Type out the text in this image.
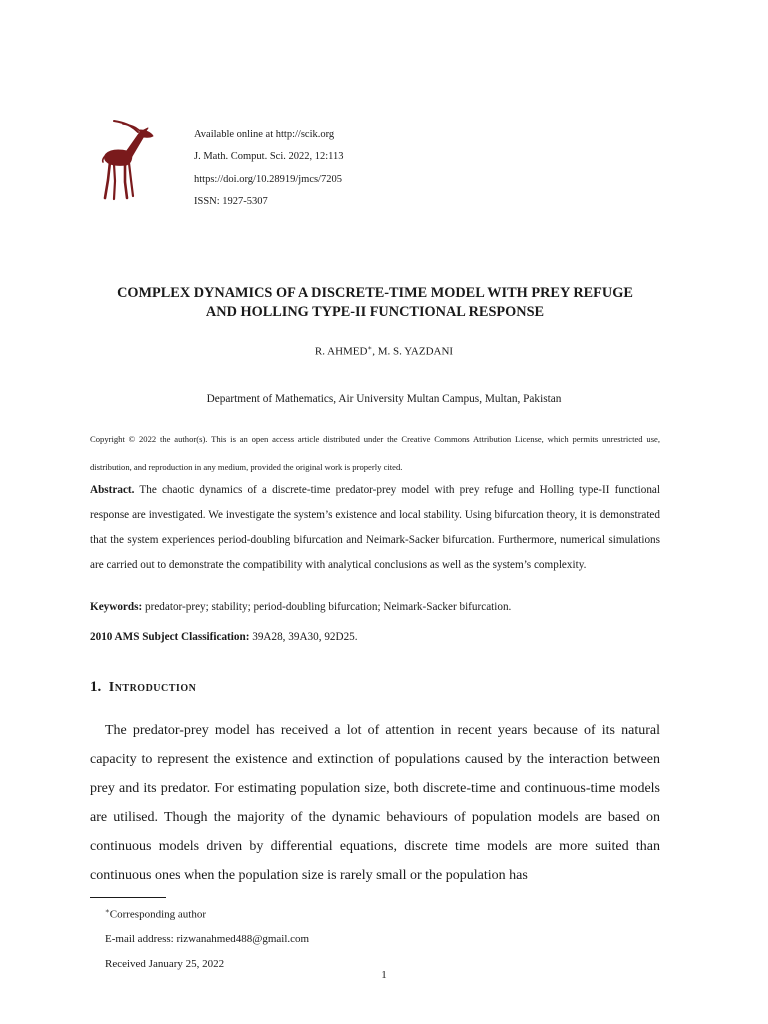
Available online at http://scik.org
J. Math. Comput. Sci. 2022, 12:113
https://doi.org/10.28919/jmcs/7205
ISSN: 1927-5307
COMPLEX DYNAMICS OF A DISCRETE-TIME MODEL WITH PREY REFUGE
AND HOLLING TYPE-II FUNCTIONAL RESPONSE
R. AHMED∗, M. S. YAZDANI
Department of Mathematics, Air University Multan Campus, Multan, Pakistan
Copyright © 2022 the author(s). This is an open access article distributed under the Creative Commons Attribution License, which permits unrestricted use, distribution, and reproduction in any medium, provided the original work is properly cited.
Abstract. The chaotic dynamics of a discrete-time predator-prey model with prey refuge and Holling type-II functional response are investigated. We investigate the system’s existence and local stability. Using bifurcation theory, it is demonstrated that the system experiences period-doubling bifurcation and Neimark-Sacker bifurcation. Furthermore, numerical simulations are carried out to demonstrate the compatibility with analytical conclusions as well as the system’s complexity.
Keywords: predator-prey; stability; period-doubling bifurcation; Neimark-Sacker bifurcation.
2010 AMS Subject Classification: 39A28, 39A30, 92D25.
1. Introduction

The predator-prey model has received a lot of attention in recent years because of its natural capacity to represent the existence and extinction of populations caused by the interaction between prey and its predator. For estimating population size, both discrete-time and continuous-time models are utilised. Though the majority of the dynamic behaviours of population models are based on continuous models driven by differential equations, discrete time models are more suited than continuous ones when the population size is rarely small or the population has

∗Corresponding author
E-mail address: rizwanahmed488@gmail.com
Received January 25, 2022
1
